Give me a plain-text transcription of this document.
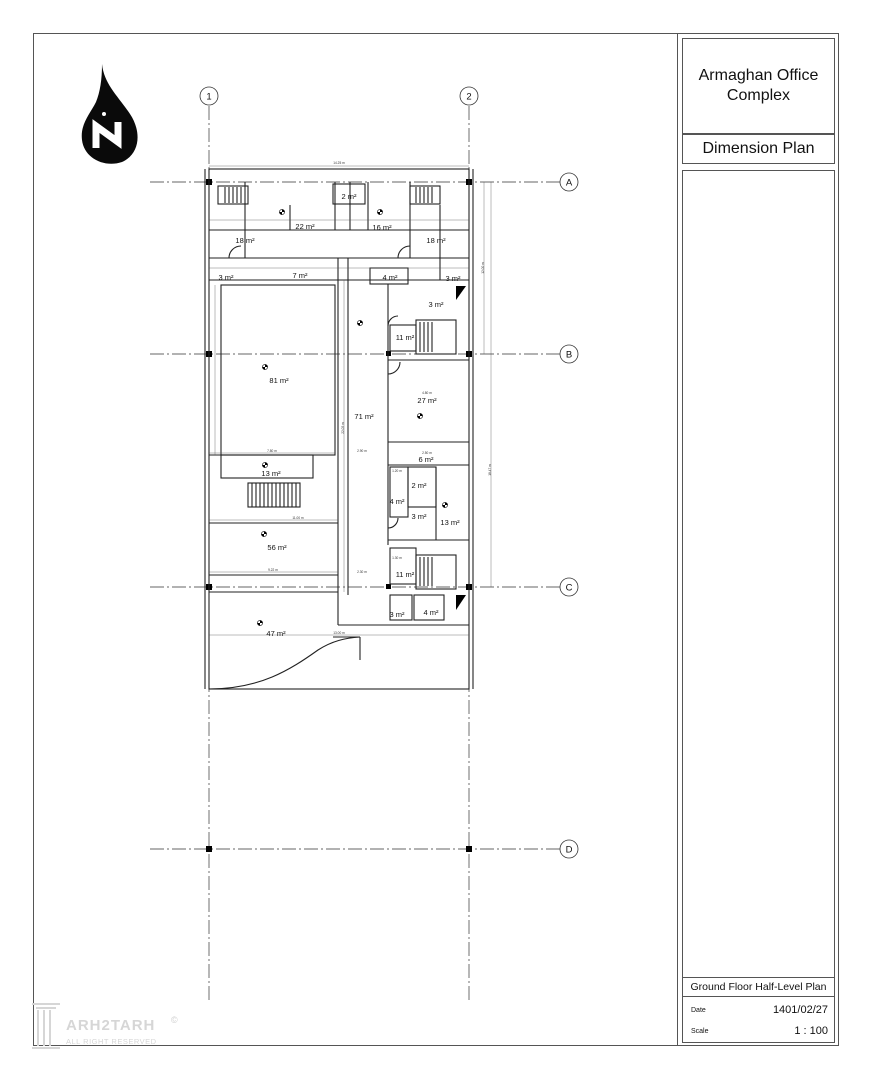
Armaghan Office Complex
Dimension Plan
Ground Floor Half-Level Plan
Date	1401/02/27
Scale	1 : 100
1	2
A
B
C
D
14.25 m
22.05 m
11.00 m
9.22 m
7.80 m	2.90 m
4.80 m
1.20 m
1.30 m
2.30 m
18.47 m
12.00 m
2.50 m
13.00 m
2 m²
22 m²	16 m²
18 m²	18 m²
7 m²	4 m²
3 m²	3 m²
3 m²
11 m²
81 m²
71 m²
27 m²
6 m²
13 m²
2 m²
4 m²
3 m²
13 m²
56 m²
11 m²
3 m²	4 m²
47 m²
ARH2TARH
ALL RIGHT RESERVED
©
